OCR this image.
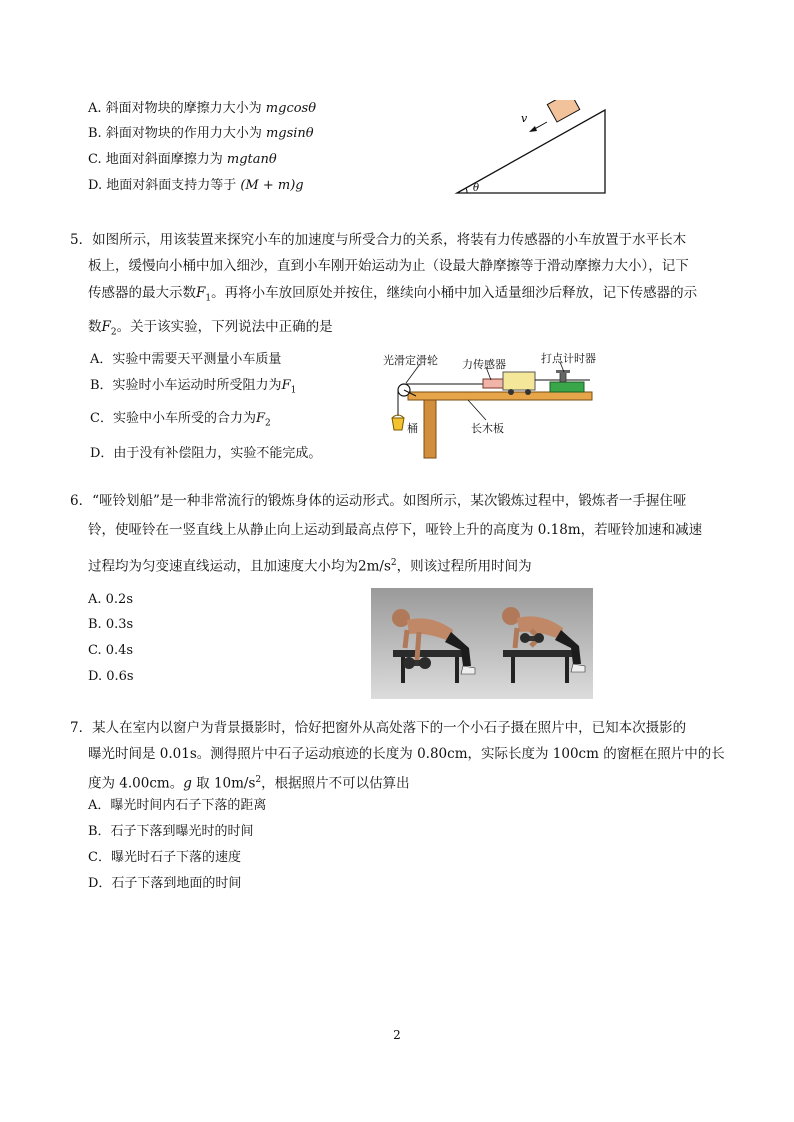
A. 斜面对物块的摩擦力大小为 mgcosθ
B. 斜面对物块的作用力大小为 mgsinθ
C. 地面对斜面摩擦力为 mgtanθ
D. 地面对斜面支持力等于 (M + m)g
v
θ
5．如图所示，用该装置来探究小车的加速度与所受合力的关系，将装有力传感器的小车放置于水平长木
板上，缓慢向小桶中加入细沙，直到小车刚开始运动为止（设最大静摩擦等于滑动摩擦力大小），记下
传感器的最大示数$F_1$。再将小车放回原处并按住，继续向小桶中加入适量细沙后释放，记下传感器的示
数$F_2$。关于该实验，下列说法中正确的是
A．实验中需要天平测量小车质量
B．实验时小车运动时所受阻力为$F_1$
C．实验中小车所受的合力为$F_2$
D．由于没有补偿阻力，实验不能完成。
光滑定滑轮 力传感器	打点计时器
桶	长木板
6．“哑铃划船”是一种非常流行的锻炼身体的运动形式。如图所示，某次锻炼过程中，锻炼者一手握住哑
铃，使哑铃在一竖直线上从静止向上运动到最高点停下，哑铃上升的高度为 0.18m，若哑铃加速和减速
过程均为匀变速直线运动，且加速度大小均为$2m/s^2$，则该过程所用时间为
A. 0.2s
B. 0.3s
C. 0.4s
D. 0.6s
7．某人在室内以窗户为背景摄影时，恰好把窗外从高处落下的一个小石子摄在照片中，已知本次摄影的
曝光时间是 0.01s。测得照片中石子运动痕迹的长度为 0.80cm，实际长度为 100cm 的窗框在照片中的长
度为 4.00cm。g 取 $10m/s^2$，根据照片不可以估算出
A．曝光时间内石子下落的距离
B．石子下落到曝光时的时间
C．曝光时石子下落的速度
D．石子下落到地面的时间
2
